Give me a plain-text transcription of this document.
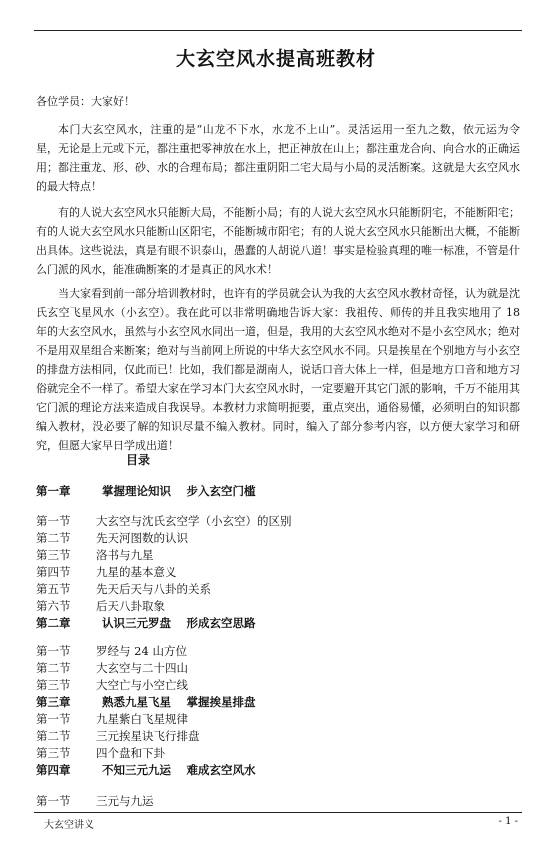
大玄空风水提高班教材
各位学员：大家好！

本门大玄空风水，注重的是“山龙不下水，水龙不上山”。灵活运用一至九之数，依元运为令星，无论是上元或下元，都注重把零神放在水上，把正神放在山上；都注重龙合向、向合水的正确运用；都注重龙、形、砂、水的合理布局；都注重阴阳二宅大局与小局的灵活断案。这就是大玄空风水的最大特点！

有的人说大玄空风水只能断大局，不能断小局；有的人说大玄空风水只能断阴宅，不能断阳宅；有的人说大玄空风水只能断山区阳宅，不能断城市阳宅；有的人说大玄空风水只能断出大概，不能断出具体。这些说法，真是有眼不识泰山，愚蠢的人胡说八道！事实是检验真理的唯一标准，不管是什么门派的风水，能准确断案的才是真正的风水术！

当大家看到前一部分培训教材时，也许有的学员就会认为我的大玄空风水教材奇怪，认为就是沈氏玄空飞星风水（小玄空）。我在此可以非常明确地告诉大家：我祖传、师传的并且我实地用了 18 年的大玄空风水，虽然与小玄空风水同出一道，但是，我用的大玄空风水绝对不是小玄空风水；绝对不是用双星组合来断案；绝对与当前网上所说的中华大玄空风水不同。只是挨星在个别地方与小玄空的排盘方法相同，仅此而已！比如，我们都是湖南人，说话口音大体上一样，但是地方口音和地方习俗就完全不一样了。希望大家在学习本门大玄空风水时，一定要避开其它门派的影响，千万不能用其它门派的理论方法来造成自我误导。本教材力求简明扼要，重点突出，通俗易懂，必须明白的知识都编入教材，没必要了解的知识尽量不编入教材。同时，编入了部分参考内容，以方便大家学习和研究，但愿大家早日学成出道！

目录
第一章	掌握理论知识　 步入玄空门槛
第一节 大玄空与沈氏玄空学（小玄空）的区别
第二节 先天河图数的认识
第三节 洛书与九星
第四节 九星的基本意义
第五节 先天后天与八卦的关系
第六节 后天八卦取象
第二章	认识三元罗盘　 形成玄空思路
第一节 罗经与 24 山方位
第二节 大玄空与二十四山
第三节 大空亡与小空亡线
第三章	熟悉九星飞星　 掌握挨星排盘
第一节 九星紫白飞星规律
第二节 三元挨星诀飞行排盘
第三节 四个盘和下卦
第四章	不知三元九运　 难成玄空风水
第一节 三元与九运
大玄空讲义	- 1 -
